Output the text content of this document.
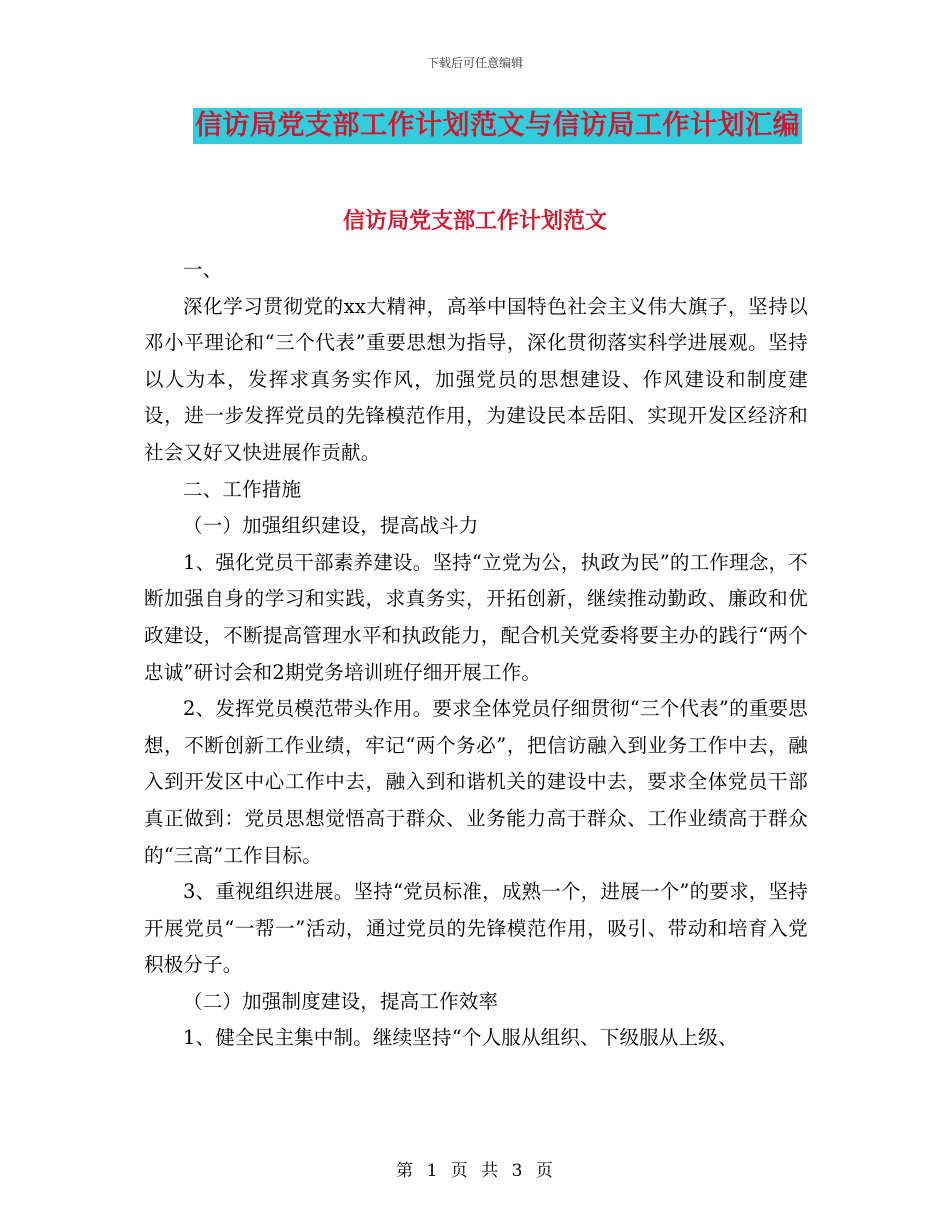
下载后可任意编辑
信访局党支部工作计划范文与信访局工作计划汇编
信访局党支部工作计划范文

一、

深化学习贯彻党的xx大精神，高举中国特色社会主义伟大旗子，坚持以邓小平理论和“三个代表”重要思想为指导，深化贯彻落实科学进展观。坚持以人为本，发挥求真务实作风，加强党员的思想建设、作风建设和制度建设，进一步发挥党员的先锋模范作用，为建设民本岳阳、实现开发区经济和社会又好又快进展作贡献。

二、工作措施

（一）加强组织建设，提高战斗力

1、强化党员干部素养建设。坚持“立党为公，执政为民”的工作理念，不断加强自身的学习和实践，求真务实，开拓创新，继续推动勤政、廉政和优政建设，不断提高管理水平和执政能力，配合机关党委将要主办的践行“两个忠诚”研讨会和2期党务培训班仔细开展工作。

2、发挥党员模范带头作用。要求全体党员仔细贯彻“三个代表”的重要思想，不断创新工作业绩，牢记“两个务必”，把信访融入到业务工作中去，融入到开发区中心工作中去，融入到和谐机关的建设中去，要求全体党员干部真正做到：党员思想觉悟高于群众、业务能力高于群众、工作业绩高于群众的“三高”工作目标。

3、重视组织进展。坚持“党员标准，成熟一个，进展一个”的要求，坚持开展党员“一帮一”活动，通过党员的先锋模范作用，吸引、带动和培育入党积极分子。

（二）加强制度建设，提高工作效率

1、健全民主集中制。继续坚持“个人服从组织、下级服从上级、

第 1 页 共 3 页
